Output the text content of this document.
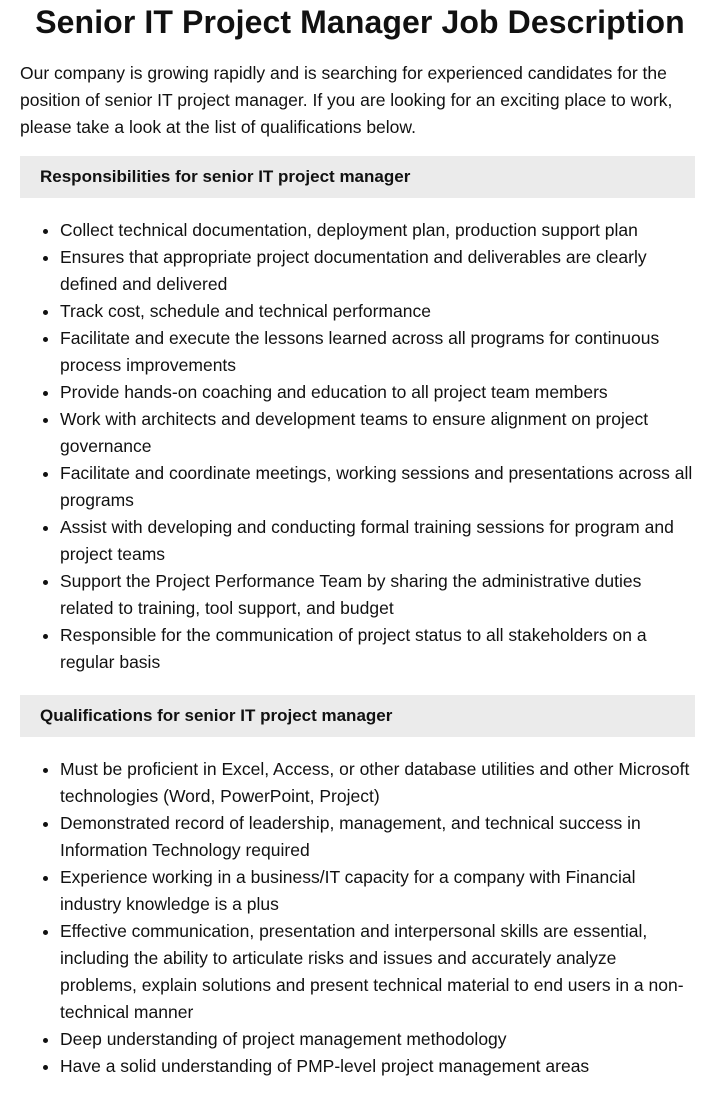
Senior IT Project Manager Job Description

Our company is growing rapidly and is searching for experienced candidates for the position of senior IT project manager. If you are looking for an exciting place to work, please take a look at the list of qualifications below.

Responsibilities for senior IT project manager
• Collect technical documentation, deployment plan, production support plan
• Ensures that appropriate project documentation and deliverables are clearly defined and delivered
• Track cost, schedule and technical performance
• Facilitate and execute the lessons learned across all programs for continuous process improvements
• Provide hands-on coaching and education to all project team members
• Work with architects and development teams to ensure alignment on project governance
• Facilitate and coordinate meetings, working sessions and presentations across all programs
• Assist with developing and conducting formal training sessions for program and project teams
• Support the Project Performance Team by sharing the administrative duties related to training, tool support, and budget
• Responsible for the communication of project status to all stakeholders on a regular basis
Qualifications for senior IT project manager
• Must be proficient in Excel, Access, or other database utilities and other Microsoft technologies (Word, PowerPoint, Project)
• Demonstrated record of leadership, management, and technical success in Information Technology required
• Experience working in a business/IT capacity for a company with Financial industry knowledge is a plus
• Effective communication, presentation and interpersonal skills are essential, including the ability to articulate risks and issues and accurately analyze problems, explain solutions and present technical material to end users in a non-technical manner
• Deep understanding of project management methodology
• Have a solid understanding of PMP-level project management areas
